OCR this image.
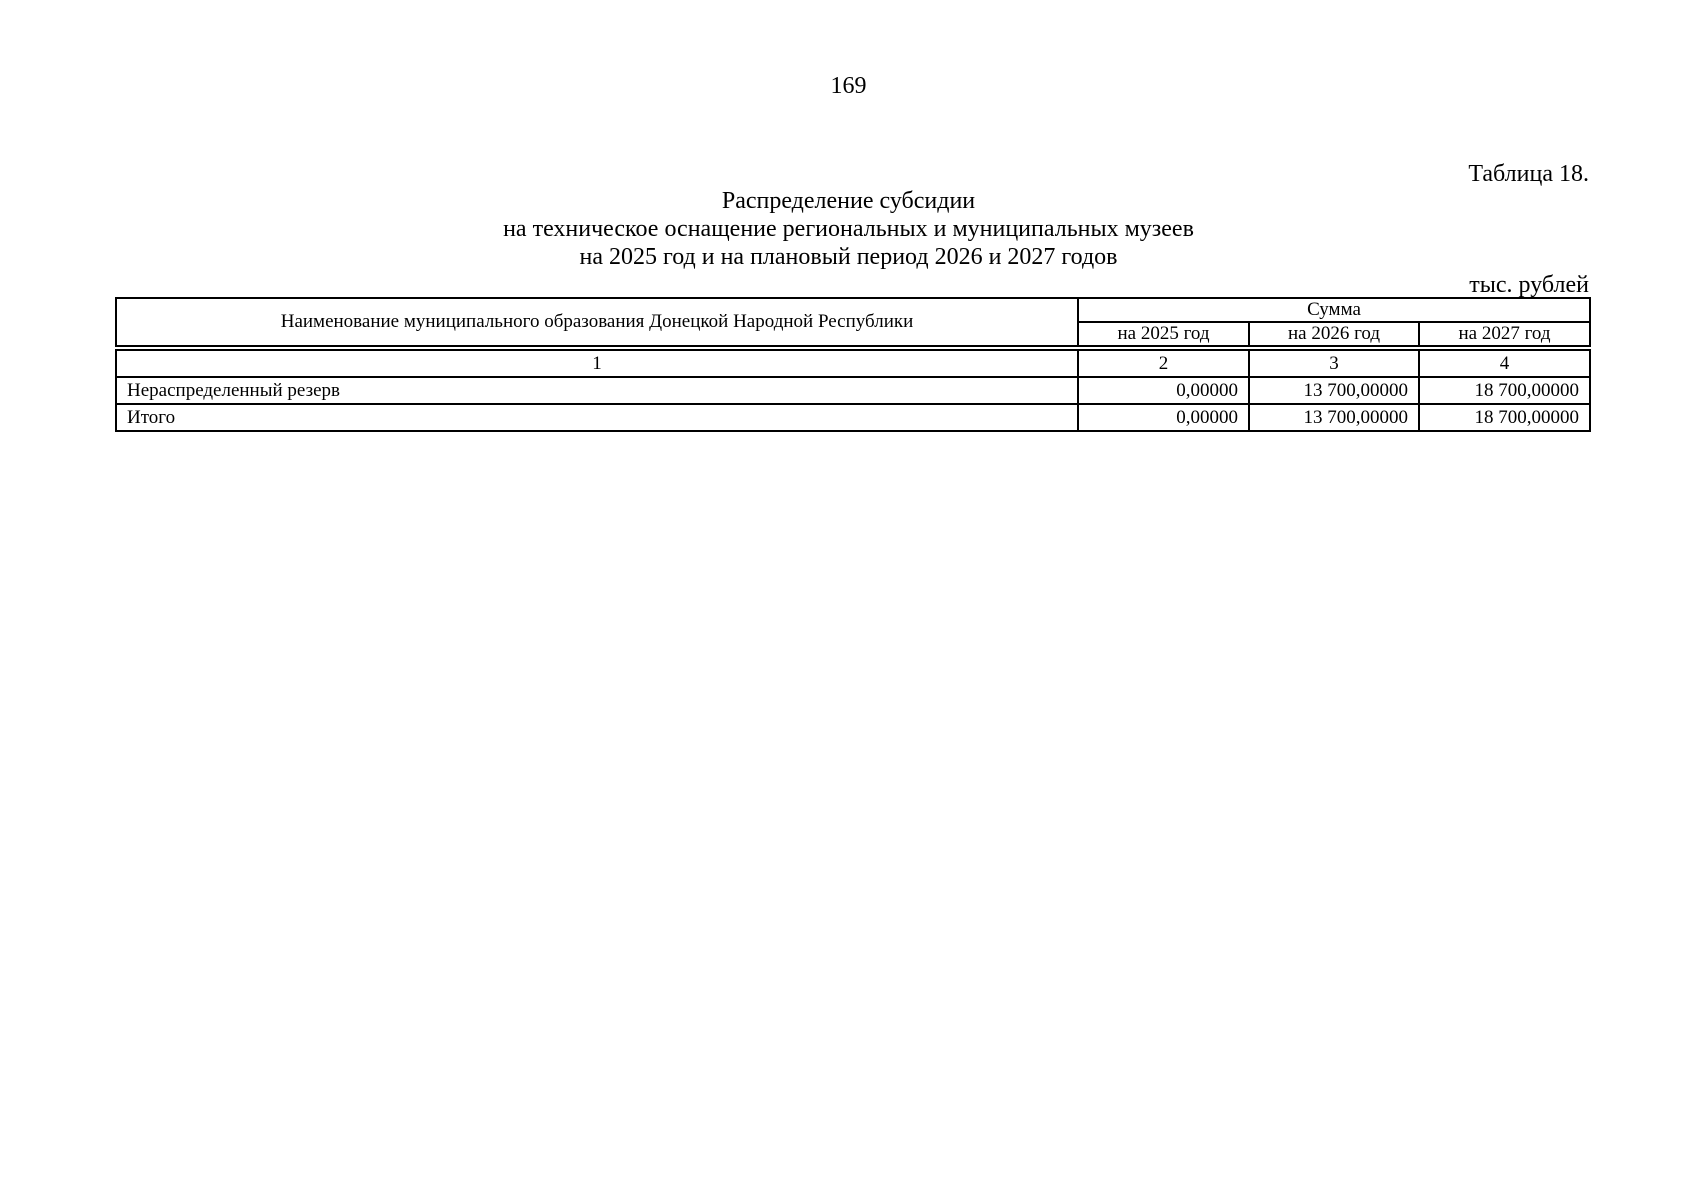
169
Таблица 18.
Распределение субсидии
на техническое оснащение региональных и муниципальных музеев
на 2025 год и на плановый период 2026 и 2027 годов
тыс. рублей
Наименование муниципального образования Донецкой Народной Республики	Сумма		
	на 2025 год	на 2026 год	на 2027 год
1	2	3	4
Нераспределенный резерв	0,00000	13 700,00000	18 700,00000
Итого	0,00000	13 700,00000	18 700,00000
